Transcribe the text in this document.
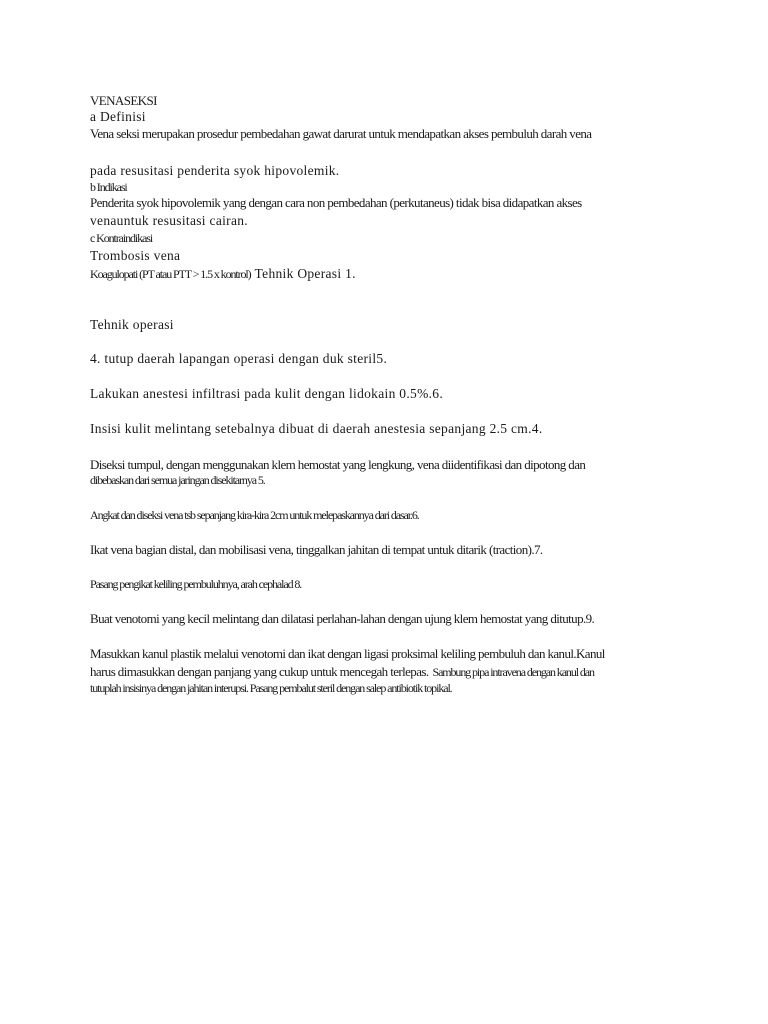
VENASEKSI
a Definisi
Vena seksi merupakan prosedur pembedahan gawat darurat untuk mendapatkan akses pembuluh darah vena
pada resusitasi penderita syok hipovolemik.
b Indikasi
Penderita syok hipovolemik yang dengan cara non pembedahan (perkutaneus) tidak bisa didapatkan akses
venauntuk resusitasi cairan.
c Kontraindikasi
Trombosis vena
Koagulopati (PT atau PTT > 1.5 x kontrol) Tehnik Operasi 1.
Tehnik operasi
4. tutup daerah lapangan operasi dengan duk steril5.
Lakukan anestesi infiltrasi pada kulit dengan lidokain 0.5%.6.
Insisi kulit melintang setebalnya dibuat di daerah anestesia sepanjang 2.5 cm.4.
Diseksi tumpul, dengan menggunakan klem hemostat yang lengkung, vena diidentifikasi dan dipotong dan
dibebaskan dari semua jaringan disekitarnya 5.
Angkat dan diseksi vena tsb sepanjang kira-kira 2cm untuk melepaskannya dari dasar.6.
Ikat vena bagian distal, dan mobilisasi vena, tinggalkan jahitan di tempat untuk ditarik (traction).7.
Pasang pengikat keliling pembuluhnya, arah cephalad 8.
Buat venotomi yang kecil melintang dan dilatasi perlahan-lahan dengan ujung klem hemostat yang ditutup.9.
Masukkan kanul plastik melalui venotomi dan ikat dengan ligasi proksimal keliling pembuluh dan kanul.Kanul
harus dimasukkan dengan panjang yang cukup untuk mencegah terlepas. Sambung pipa intravena dengan kanul dan
tutuplah insisinya dengan jahitan interupsi. Pasang pembalut steril dengan salep antibiotik topikal.
